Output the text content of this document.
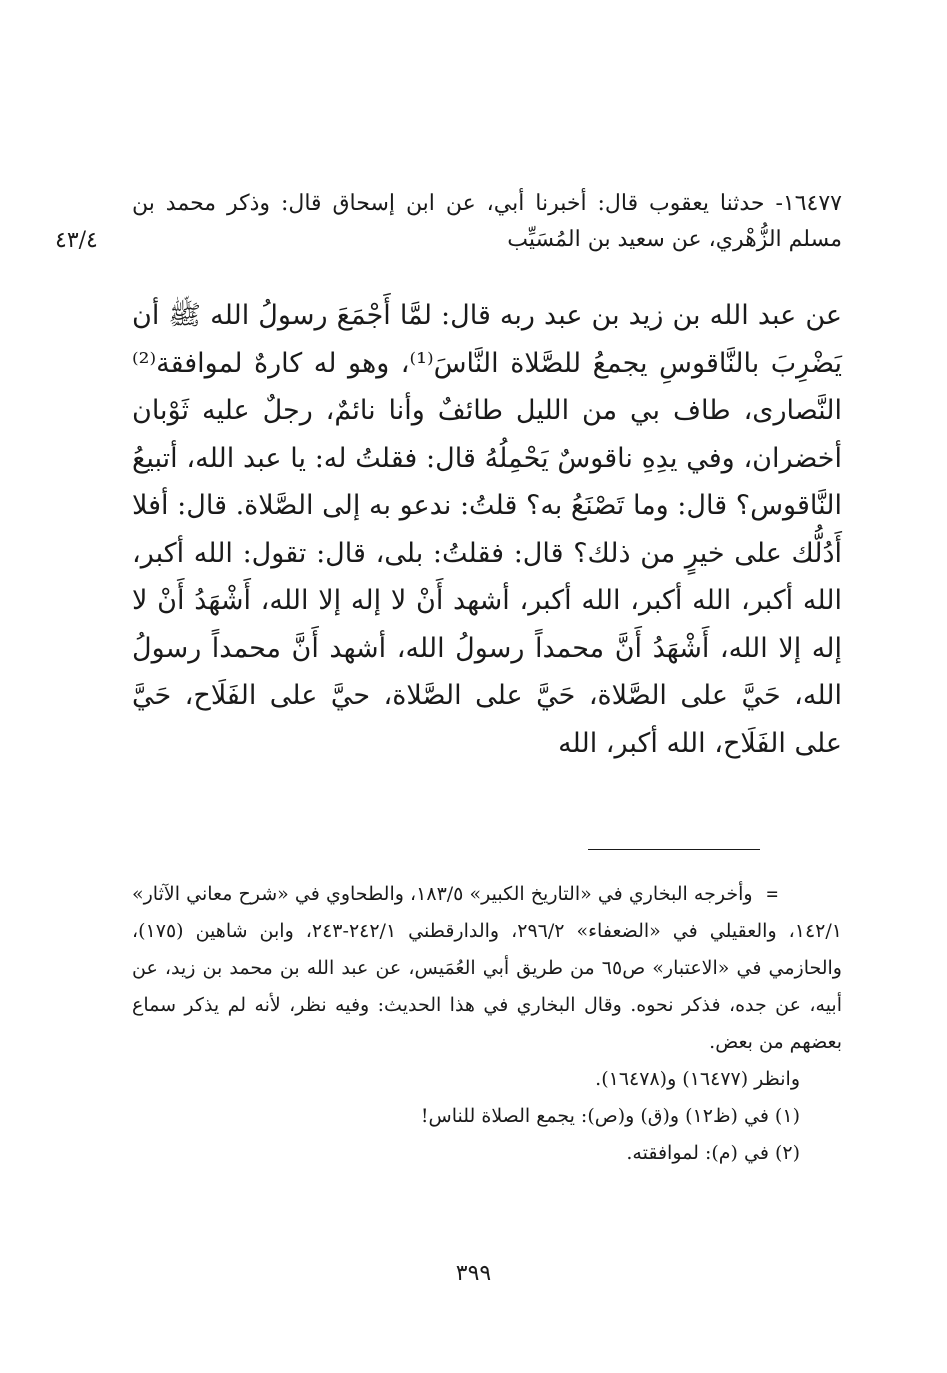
١٦٤٧٧- حدثنا يعقوب قال: أخبرنا أبي، عن ابن إسحاق قال: وذكر محمد بن مسلم الزُّهْري، عن سعيد بن المُسَيِّب
٤٣/٤

عن عبد الله بن زيد بن عبد ربه قال: لمَّا أَجْمَعَ رسولُ الله ﷺ أن يَضْرِبَ بالنَّاقوسِ يجمعُ للصَّلاة النَّاسَ⁽¹⁾، وهو له كارهٌ لموافقة⁽²⁾ النَّصارى، طاف بي من الليل طائفٌ وأنا نائمٌ، رجلٌ عليه ثَوْبان أخضران، وفي يدِهِ ناقوسٌ يَحْمِلُهُ قال: فقلتُ له: يا عبد الله، أتبيعُ النَّاقوس؟ قال: وما تَصْنَعُ به؟ قلتُ: ندعو به إلى الصَّلاة. قال: أفلا أَدُلُّك على خيرٍ من ذلك؟ قال: فقلتُ: بلى، قال: تقول: الله أكبر، الله أكبر، الله أكبر، الله أكبر، أشهد أَنْ لا إله إلا الله، أَشْهَدُ أَنْ لا إله إلا الله، أَشْهَدُ أَنَّ محمداً رسولُ الله، أشهد أَنَّ محمداً رسولُ الله، حَيَّ على الصَّلاة، حَيَّ على الصَّلاة، حيَّ على الفَلَاح، حَيَّ على الفَلَاح، الله أكبر، الله

=وأخرجه البخاري في «التاريخ الكبير» ١٨٣/٥، والطحاوي في «شرح معاني الآثار» ١٤٢/١، والعقيلي في «الضعفاء» ٢٩٦/٢، والدارقطني ٢٤٢/١-٢٤٣، وابن شاهين (١٧٥)، والحازمي في «الاعتبار» ص٦٥ من طريق أبي العُمَيس، عن عبد الله بن محمد بن زيد، عن أبيه، عن جده، فذكر نحوه. وقال البخاري في هذا الحديث: وفيه نظر، لأنه لم يذكر سماع بعضهم من بعض.

وانظر (١٦٤٧٧) و(١٦٤٧٨).

(١) في (ظ١٢) و(ق) و(ص): يجمع الصلاة للناس!

(٢) في (م): لموافقته.

٣٩٩
